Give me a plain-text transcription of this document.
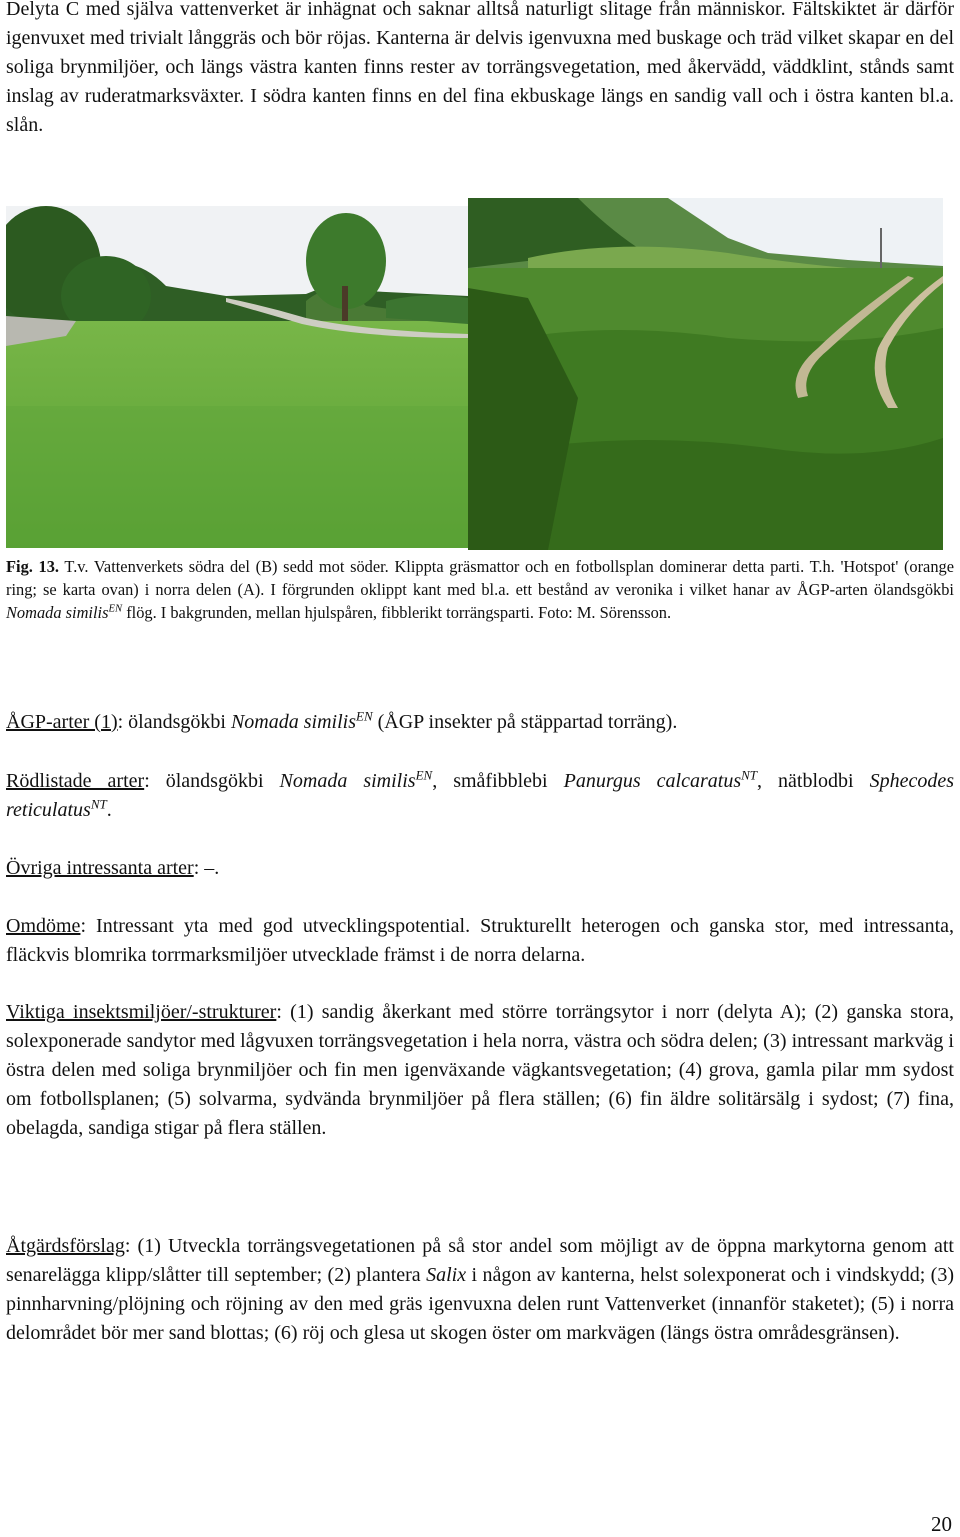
Delyta C med själva vattenverket är inhägnat och saknar alltså naturligt slitage från människor. Fältskiktet är därför igenvuxet med trivialt långgräs och bör röjas. Kanterna är delvis igenvuxna med buskage och träd vilket skapar en del soliga brynmiljöer, och längs västra kanten finns rester av torrängsvegetation, med åkervädd, väddklint, stånds samt inslag av ruderatmarksväxter. I södra kanten finns en del fina ekbuskage längs en sandig vall och i östra kanten bl.a. slån.

Fig. 13. T.v. Vattenverkets södra del (B) sedd mot söder. Klippta gräsmattor och en fotbollsplan dominerar detta parti. T.h. 'Hotspot' (orange ring; se karta ovan) i norra delen (A). I förgrunden oklippt kant med bl.a. ett bestånd av veronika i vilket hanar av ÅGP-arten ölandsgökbi Nomada similis$^{EN}$ flög. I bakgrunden, mellan hjulspåren, fibblerikt torrängsparti. Foto: M. Sörensson.

ÅGP-arter (1): ölandsgökbi Nomada similis$^{EN}$ (ÅGP insekter på stäppartad torräng).

Rödlistade arter: ölandsgökbi Nomada similis$^{EN}$, småfibblebi Panurgus calcaratus$^{NT}$, nätblodbi Sphecodes reticulatus$^{NT}$.

Övriga intressanta arter: –.

Omdöme: Intressant yta med god utvecklingspotential. Strukturellt heterogen och ganska stor, med intressanta, fläckvis blomrika torrmarksmiljöer utvecklade främst i de norra delarna.

Viktiga insektsmiljöer/-strukturer: (1) sandig åkerkant med större torrängsytor i norr (delyta A); (2) ganska stora, solexponerade sandytor med lågvuxen torrängsvegetation i hela norra, västra och södra delen; (3) intressant markväg i östra delen med soliga brynmiljöer och fin men igenväxande vägkantsvegetation; (4) grova, gamla pilar mm sydost om fotbollsplanen; (5) solvarma, sydvända brynmiljöer på flera ställen; (6) fin äldre solitärsälg i sydost; (7) fina, obelagda, sandiga stigar på flera ställen.

Åtgärdsförslag: (1) Utveckla torrängsvegetationen på så stor andel som möjligt av de öppna markytorna genom att senarelägga klipp/slåtter till september; (2) plantera Salix i någon av kanterna, helst solexponerat och i vindskydd; (3) pinnharvning/plöjning och röjning av den med gräs igenvuxna delen runt Vattenverket (innanför staketet); (5) i norra delområdet bör mer sand blottas; (6) röj och glesa ut skogen öster om markvägen (längs östra områdesgränsen).

20
